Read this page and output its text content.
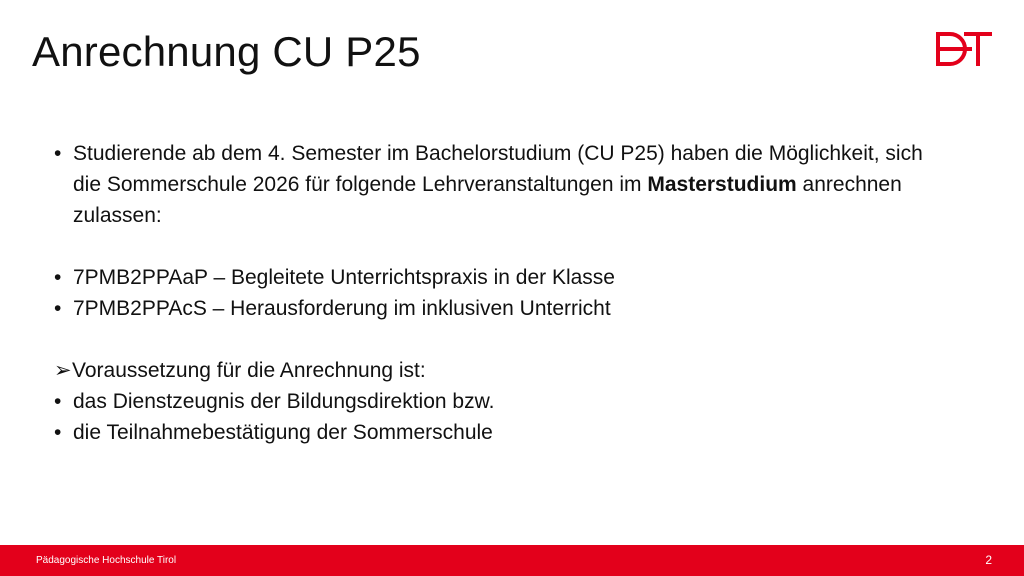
Anrechnung CU P25
• Studierende ab dem 4. Semester im Bachelorstudium (CU P25) haben die Möglichkeit, sich die Sommerschule 2026 für folgende Lehrveranstaltungen im Masterstudium anrechnen zulassen:
• 7PMB2PPAaP – Begleitete Unterrichtspraxis in der Klasse
• 7PMB2PPAcS – Herausforderung im inklusiven Unterricht
➢ Voraussetzung für die Anrechnung ist:
• das Dienstzeugnis der Bildungsdirektion bzw.
• die Teilnahmebestätigung der Sommerschule
Pädagogische Hochschule Tirol	2
